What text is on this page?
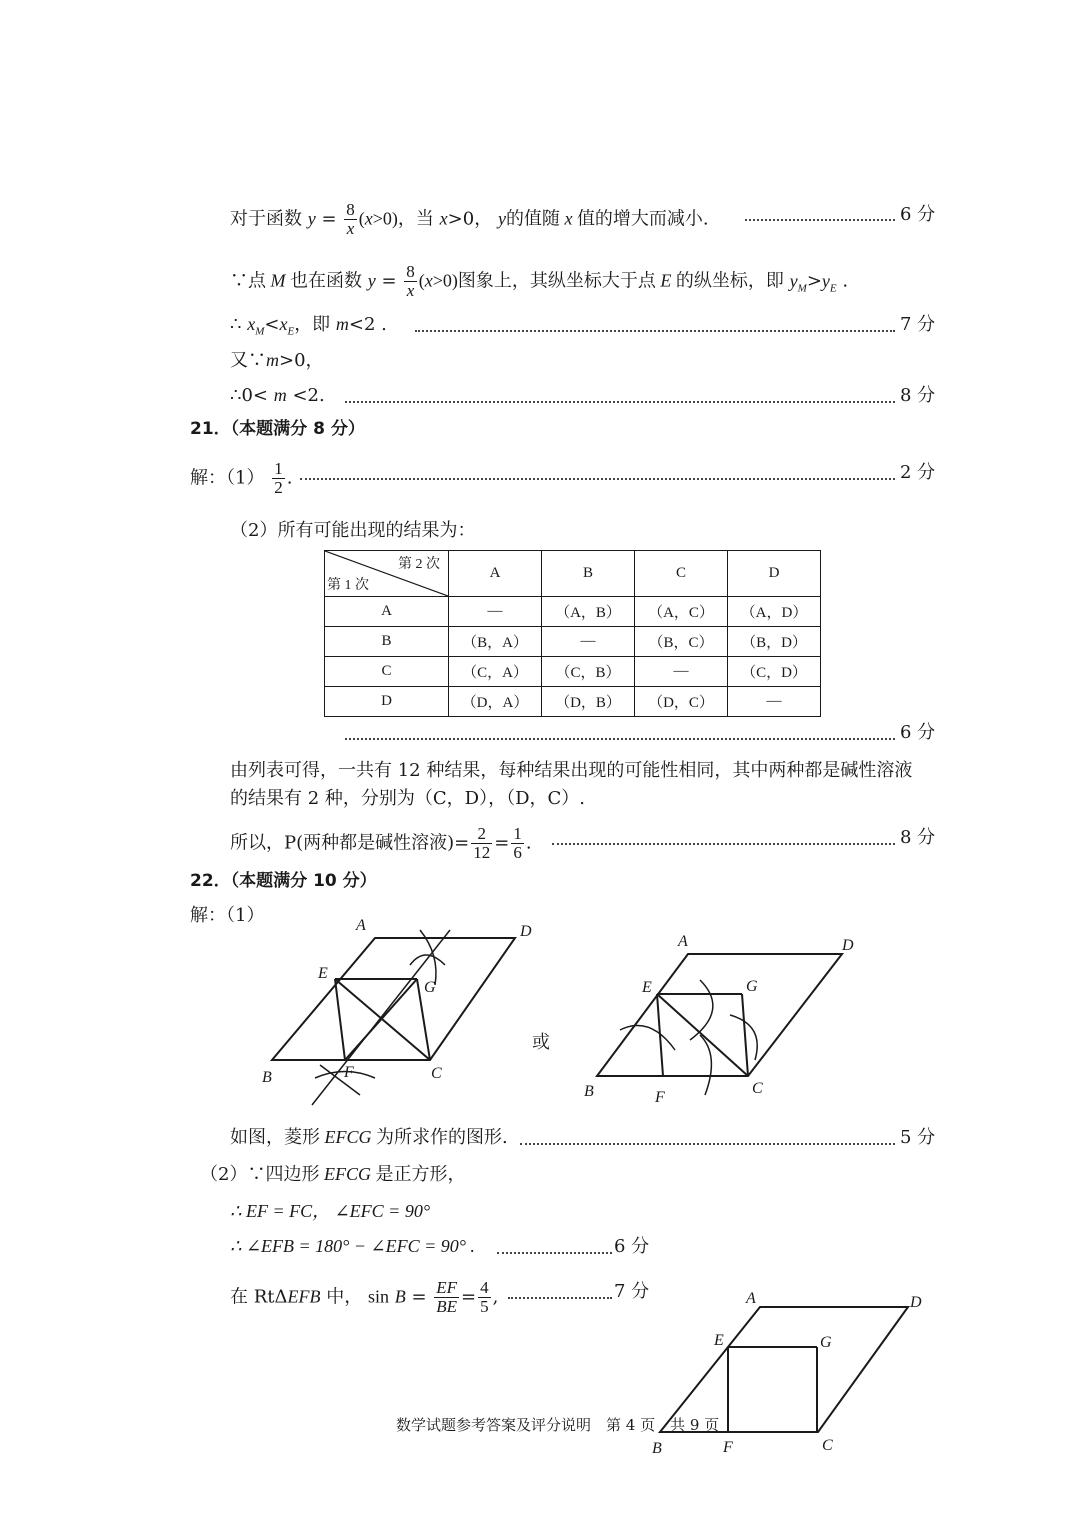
对于函数 $y = \frac{8}{x} (x>0)$，当 x>0， y的值随 x 值的增大而减小.	6 分
∵点 M 也在函数 $y = \frac{8}{x} (x>0)$图象上，其纵坐标大于点 E 的纵坐标，即 $y_M>y_E$ .
∴ $x_M<x_E$，即 m<2 .	7 分
又∵m>0，
∴0< m <2.	8 分
21．（本题满分 8 分）
解：$(1) \frac{1}{2}$ .	2 分
（2）所有可能出现的结果为：
第 2 次
第 1 次	A	B	C	D
A	—	（A，B）	（A，C）	（A，D）
B	（B，A）	—	（B，C）	（B，D）
C	（C，A）	（C，B）	—	（C，D）
D	（D，A）	（D，B）	（D，C）	—
6 分
由列表可得，一共有 12 种结果，每种结果出现的可能性相同，其中两种都是碱性溶液
的结果有 2 种，分别为（C，D），（D，C）.
所以，P(两种都是碱性溶液)= $\frac{2}{12} = \frac{1}{6}$ .	8 分
22．（本题满分 10 分）
解：（1）	A	D
E
G
B	F	C
或
A	D
E	G
B	F
C
如图，菱形 EFCG 为所求作的图形.	5 分
（2）∵四边形 EFCG 是正方形，
∴ EF = FC， ∠EFC = 90°
∴ ∠EFB = 180° − ∠EFC = 90° .	6 分
在 RtΔEFB 中， $\sin B = \frac{EF}{BE} = \frac{4}{5}$ ,	7 分	A	D
E	G
B	F	C
数学试题参考答案及评分说明　第 4 页　共 9 页
